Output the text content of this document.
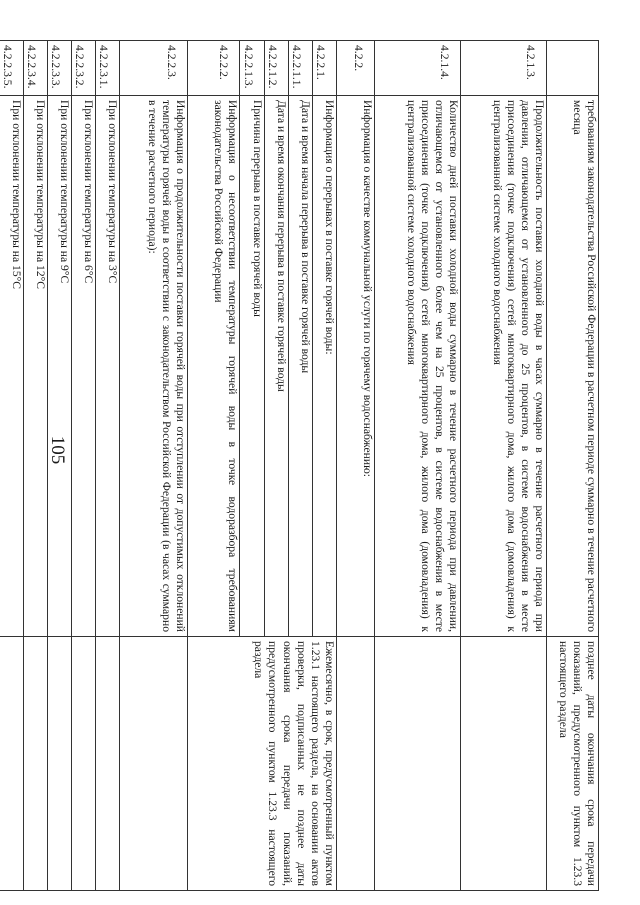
105
		требованиям законодательства Российской Федерации в расчетном периоде суммарно в течение расчетного месяца	позднее даты окончания срока передачи показаний, предусмотренного пунктом 1.23.3 настоящего раздела
4.2.1.3.	Продолжительность поставки холодной воды в часах суммарно в течение расчетного периода при давлении, отличающемся от установленного до 25 процентов, в системе водоснабжения в месте присоединения (точке подключения) сетей многоквартирного дома, жилого дома (домовладения) к централизованной системе холодного водоснабжения	
4.2.1.4.	Количество дней поставки холодной воды суммарно в течение расчетного периода при давлении, отличающемся от установленного более чем на 25 процентов, в системе водоснабжения в месте присоединения (точке подключения) сетей многоквартирного дома, жилого дома (домовладения) к централизованной системе холодного водоснабжения	
4.2.2.	Информация о качестве коммунальной услуги по горячему водоснабжению:	
4.2.2.1.	Информация о перерывах в поставке горячей воды:	Ежемесячно, в срок, предусмотренный пунктом 1.23.1 настоящего раздела, на основании актов проверки, подписанных не позднее даты окончания срока передачи показаний, предусмотренного пунктом 1.23.3 настоящего раздела
4.2.2.1.1.	Дата и время начала перерыва в поставке горячей воды	
4.2.2.1.2.	Дата и время окончания перерыва в поставке горячей воды	
4.2.2.1.3.	Причина перерыва в поставке горячей воды	
4.2.2.2.	Информация о несоответствии температуры горячей воды в точке водоразбора требованиям законодательства Российской Федерации	
4.2.2.3.	Информация о продолжительности поставки горячей воды при отступлении от допустимых отклонений температуры горячей воды в соответствии с законодательством Российской Федерации (в часах суммарно в течение расчетного периода):	
4.2.2.3.1.	При отклонении температуры на 3°С	
4.2.2.3.2.	При отклонении температуры на 6°С	
4.2.2.3.3.	При отклонении температуры на 9°С	
4.2.2.3.4.	При отклонении температуры на 12°С	
4.2.2.3.5.	При отклонении температуры на 15°С	
